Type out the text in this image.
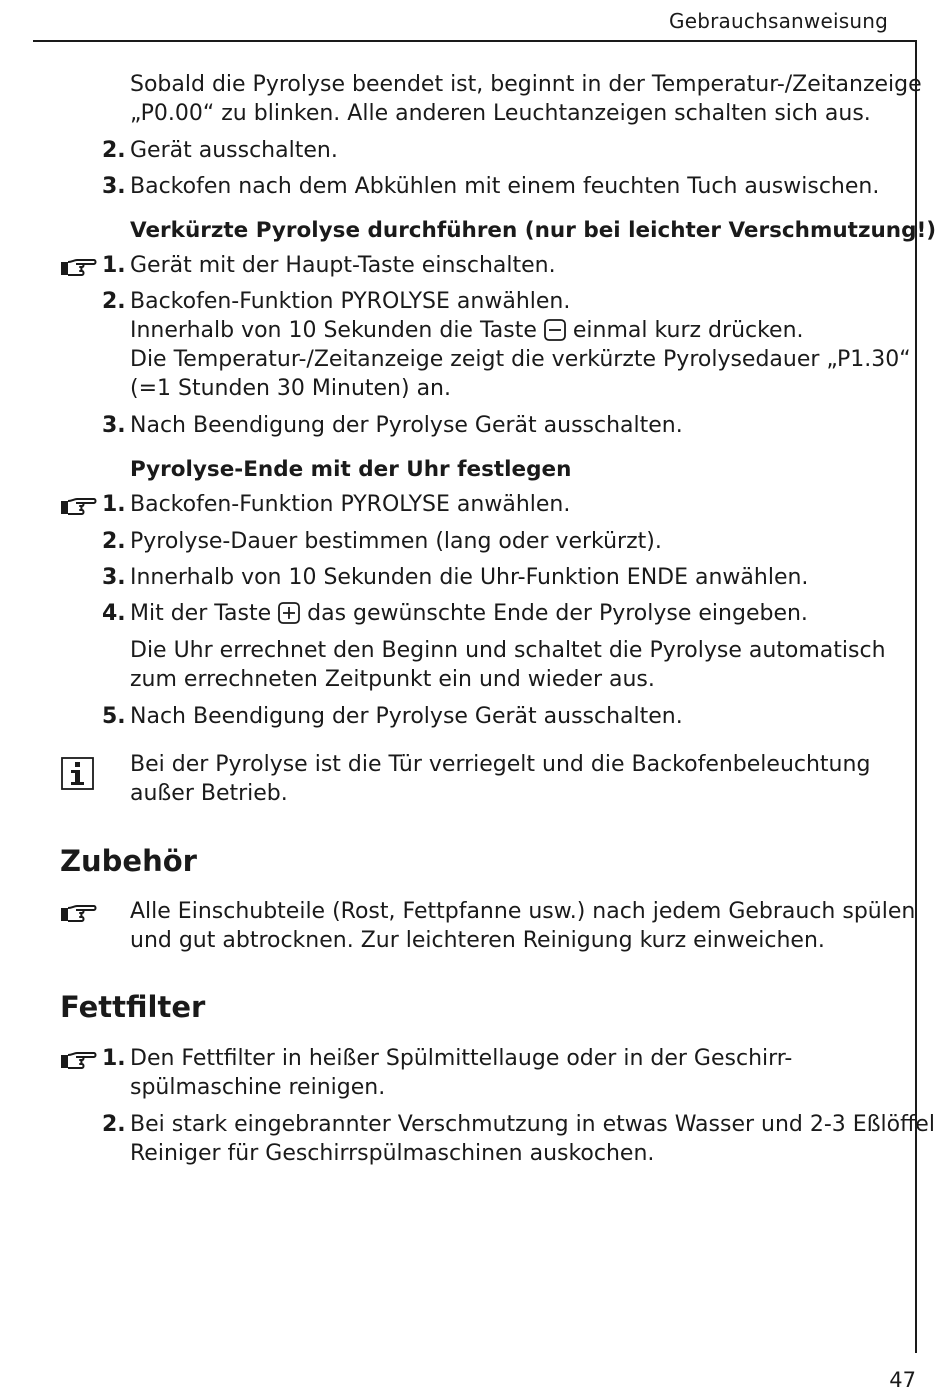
Gebrauchsanweisung
Sobald die Pyrolyse beendet ist, beginnt in der Temperatur-/Zeitanzeige
„P0.00“ zu blinken. Alle anderen Leuchtanzeigen schalten sich aus.
2. Gerät ausschalten.
3. Backofen nach dem Abkühlen mit einem feuchten Tuch auswischen.
Verkürzte Pyrolyse durchführen (nur bei leichter Verschmutzung!)
1. Gerät mit der Haupt-Taste einschalten.
2. Backofen-Funktion PYROLYSE anwählen.
Innerhalb von 10 Sekunden die Taste  einmal kurz drücken.
Die Temperatur-/Zeitanzeige zeigt die verkürzte Pyrolysedauer „P1.30“
(=1 Stunden 30 Minuten) an.
3. Nach Beendigung der Pyrolyse Gerät ausschalten.
Pyrolyse-Ende mit der Uhr festlegen
1. Backofen-Funktion PYROLYSE anwählen.
2. Pyrolyse-Dauer bestimmen (lang oder verkürzt).
3. Innerhalb von 10 Sekunden die Uhr-Funktion ENDE anwählen.
4. Mit der Taste  das gewünschte Ende der Pyrolyse eingeben.
Die Uhr errechnet den Beginn und schaltet die Pyrolyse automatisch
zum errechneten Zeitpunkt ein und wieder aus.
5. Nach Beendigung der Pyrolyse Gerät ausschalten.
Bei der Pyrolyse ist die Tür verriegelt und die Backofenbeleuchtung
außer Betrieb.
Zubehör
Alle Einschubteile (Rost, Fettpfanne usw.) nach jedem Gebrauch spülen
und gut abtrocknen. Zur leichteren Reinigung kurz einweichen.
Fettfilter
1. Den Fettfilter in heißer Spülmittellauge oder in der Geschirr-
spülmaschine reinigen.
2. Bei stark eingebrannter Verschmutzung in etwas Wasser und 2-3 Eßlöffel
Reiniger für Geschirrspülmaschinen auskochen.
47
